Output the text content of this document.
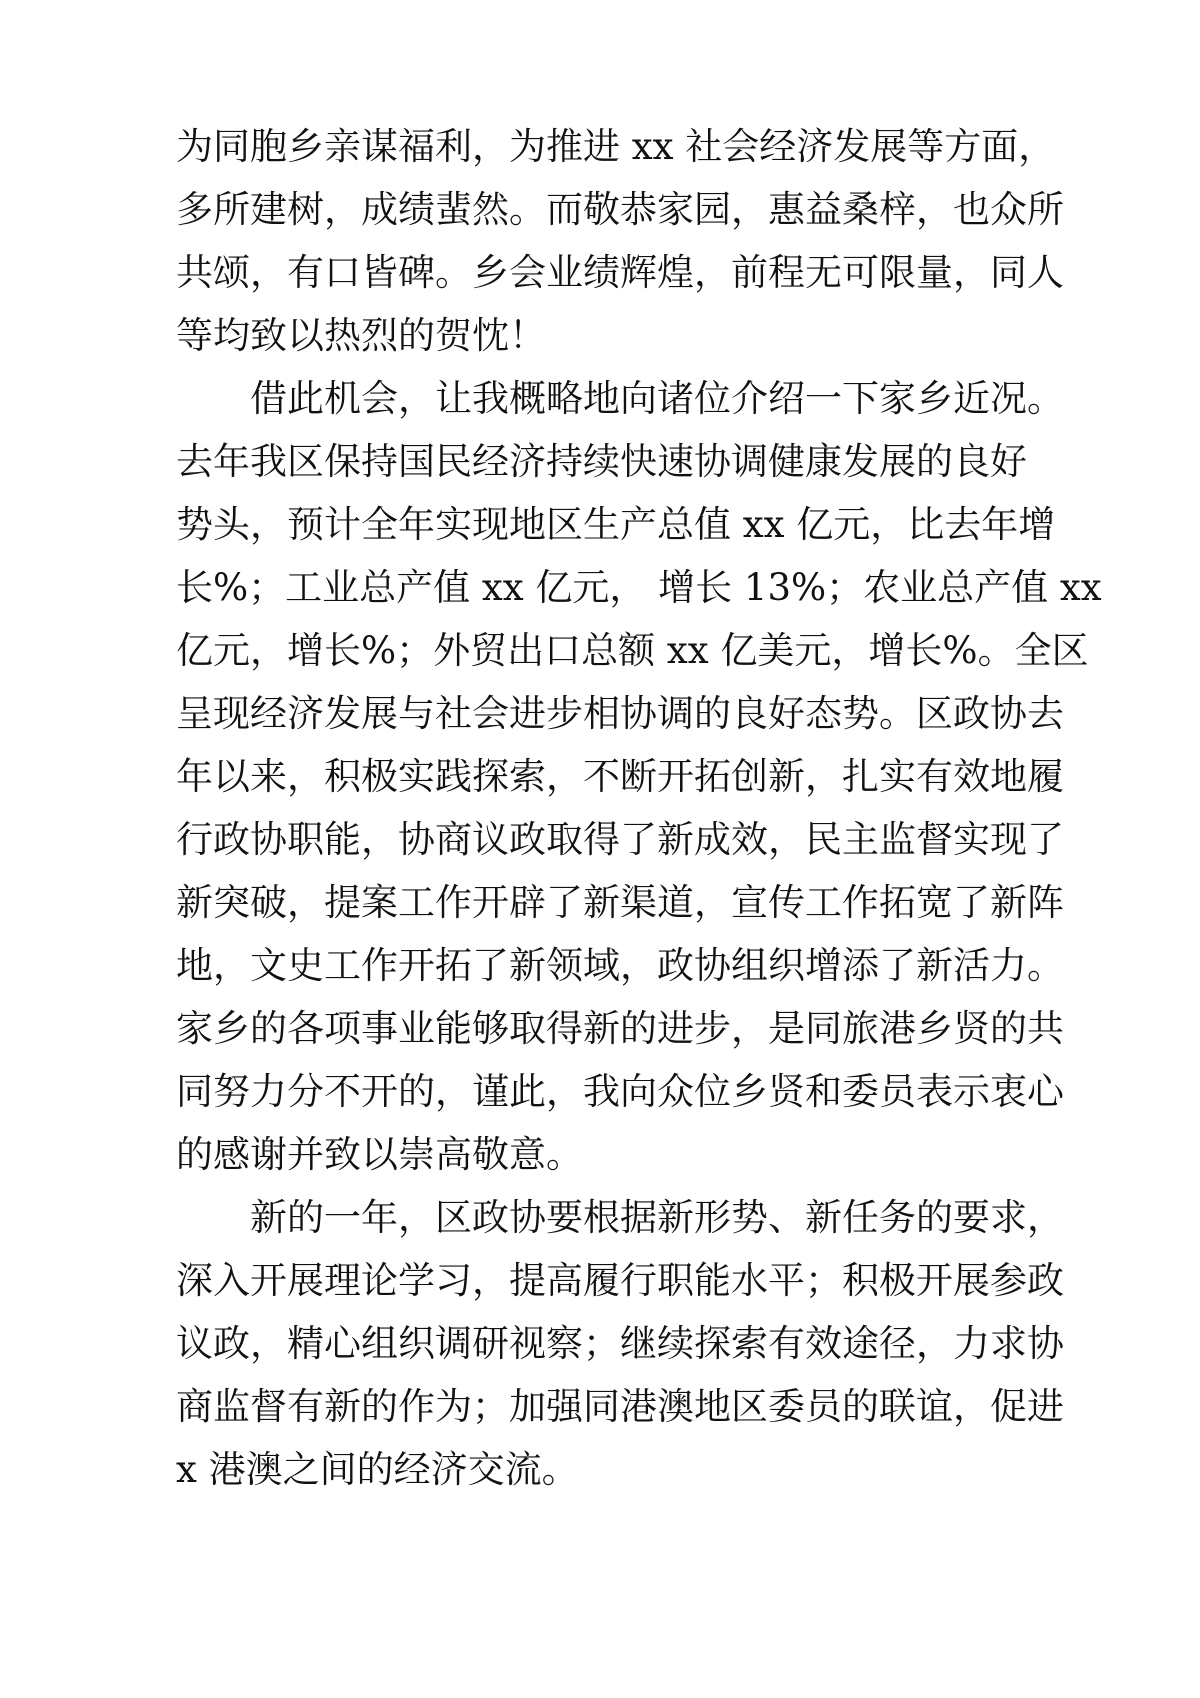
为同胞乡亲谋福利，为推进 xx 社会经济发展等方面，
多所建树，成绩蜚然。而敬恭家园，惠益桑梓，也众所
共颂，有口皆碑。乡会业绩辉煌，前程无可限量，同人
等均致以热烈的贺忱！

借此机会，让我概略地向诸位介绍一下家乡近况。
去年我区保持国民经济持续快速协调健康发展的良好
势头，预计全年实现地区生产总值 xx 亿元，比去年增
长%；工业总产值 xx 亿元， 增长 13%；农业总产值 xx
亿元，增长%；外贸出口总额 xx 亿美元，增长%。全区
呈现经济发展与社会进步相协调的良好态势。区政协去
年以来，积极实践探索，不断开拓创新，扎实有效地履
行政协职能，协商议政取得了新成效，民主监督实现了
新突破，提案工作开辟了新渠道，宣传工作拓宽了新阵
地，文史工作开拓了新领域，政协组织增添了新活力。
家乡的各项事业能够取得新的进步，是同旅港乡贤的共
同努力分不开的，谨此，我向众位乡贤和委员表示衷心
的感谢并致以崇高敬意。

新的一年，区政协要根据新形势、新任务的要求，
深入开展理论学习，提高履行职能水平；积极开展参政
议政，精心组织调研视察；继续探索有效途径，力求协
商监督有新的作为；加强同港澳地区委员的联谊，促进
x 港澳之间的经济交流。
